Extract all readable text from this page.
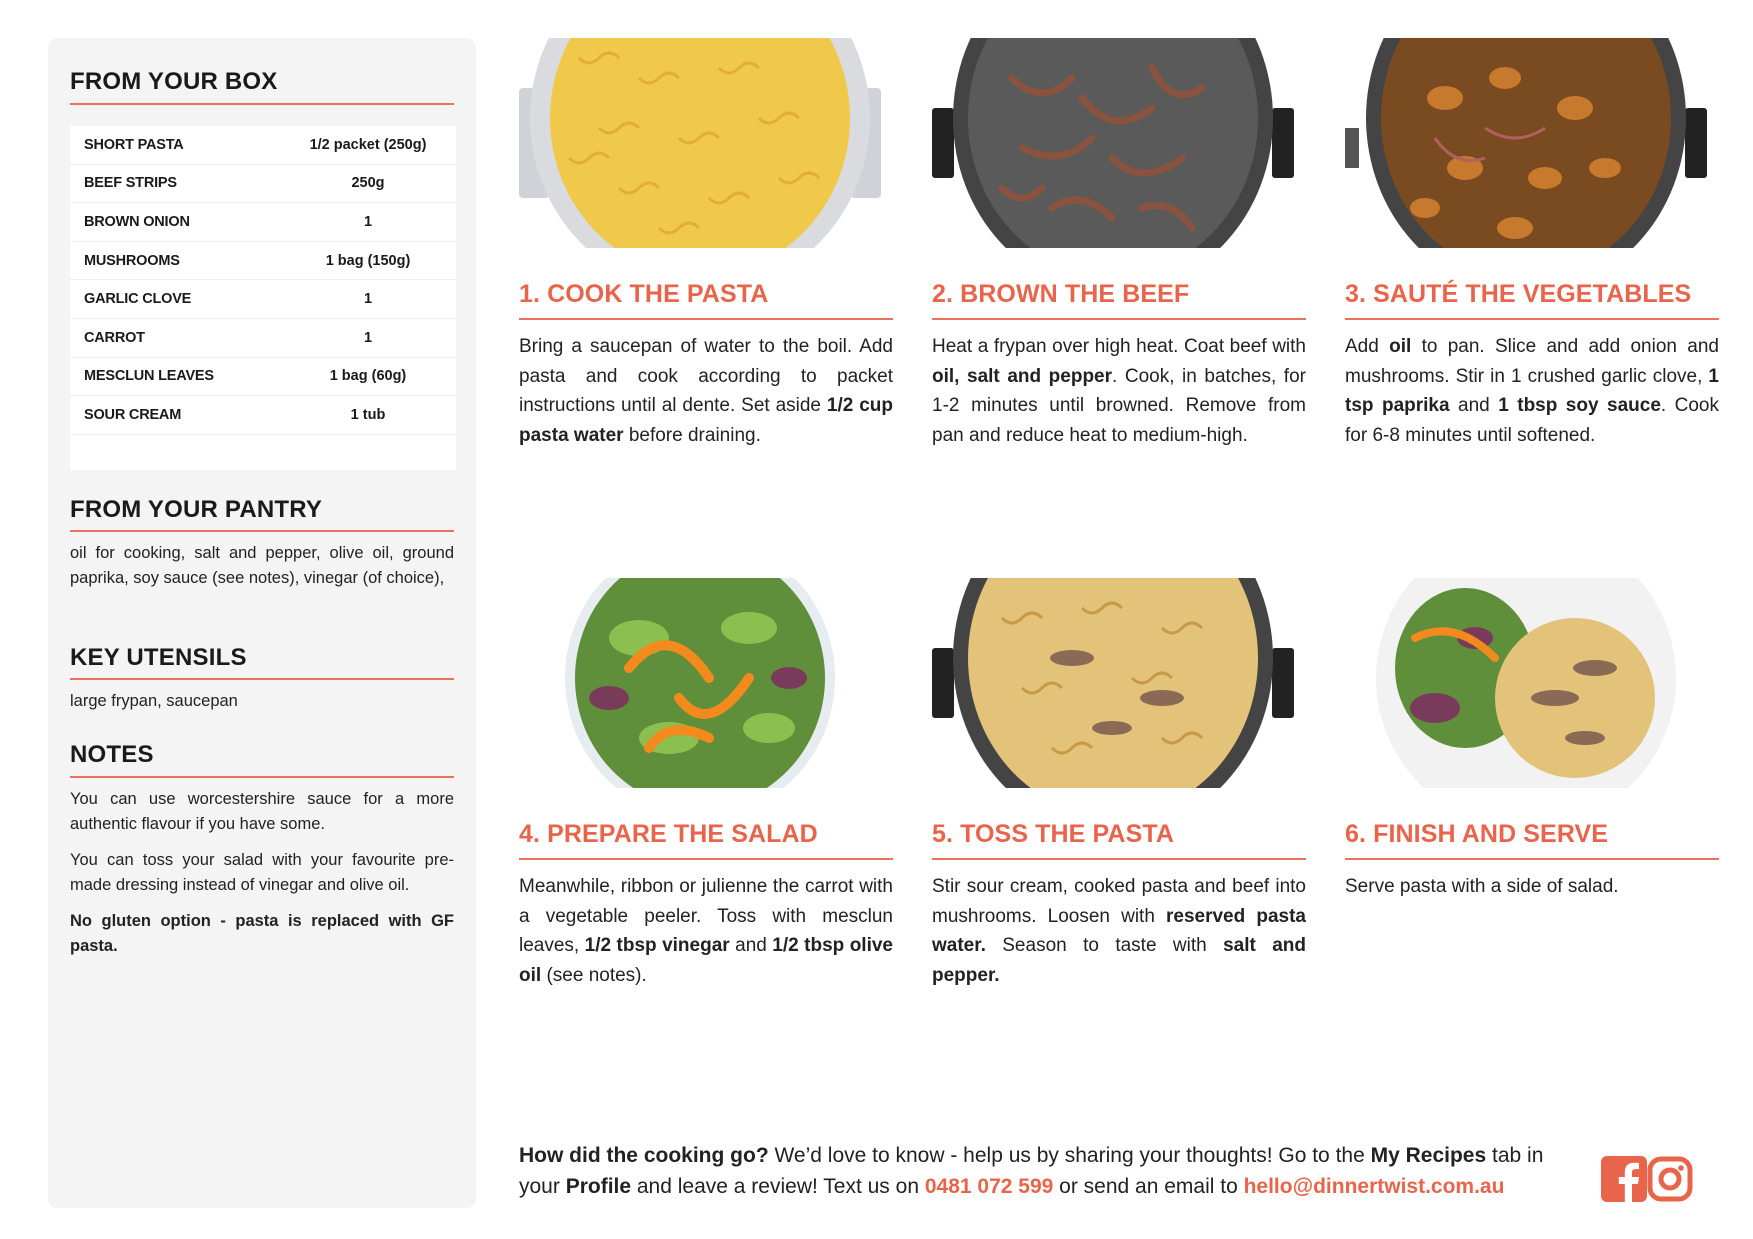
FROM YOUR BOX
SHORT PASTA	1/2 packet (250g)
BEEF STRIPS	250g
BROWN ONION	1
MUSHROOMS	1 bag (150g)
GARLIC CLOVE	1
CARROT	1
MESCLUN LEAVES	1 bag (60g)
SOUR CREAM	1 tub
FROM YOUR PANTRY
oil for cooking, salt and pepper, olive oil, ground paprika, soy sauce (see notes), vinegar (of choice),
KEY UTENSILS
large frypan, saucepan
NOTES

You can use worcestershire sauce for a more authentic flavour if you have some.

You can toss your salad with your favourite pre-made dressing instead of vinegar and olive oil.

No gluten option - pasta is replaced with GF pasta.

1. COOK THE PASTA
Bring a saucepan of water to the boil. Add pasta and cook according to packet instructions until al dente. Set aside 1/2 cup pasta water before draining.
2. BROWN THE BEEF
Heat a frypan over high heat. Coat beef with oil, salt and pepper. Cook, in batches, for 1-2 minutes until browned. Remove from pan and reduce heat to medium-high.
3. SAUTÉ THE VEGETABLES
Add oil to pan. Slice and add onion and mushrooms. Stir in 1 crushed garlic clove, 1 tsp paprika and 1 tbsp soy sauce. Cook for 6-8 minutes until softened.
4. PREPARE THE SALAD
Meanwhile, ribbon or julienne the carrot with a vegetable peeler. Toss with mesclun leaves, 1/2 tbsp vinegar and 1/2 tbsp olive oil (see notes).
5. TOSS THE PASTA
Stir sour cream, cooked pasta and beef into mushrooms. Loosen with reserved pasta water. Season to taste with salt and pepper.
6. FINISH AND SERVE
Serve pasta with a side of salad.
How did the cooking go? We’d love to know - help us by sharing your thoughts! Go to the My Recipes tab in your Profile and leave a review! Text us on 0481 072 599 or send an email to hello@dinnertwist.com.au
